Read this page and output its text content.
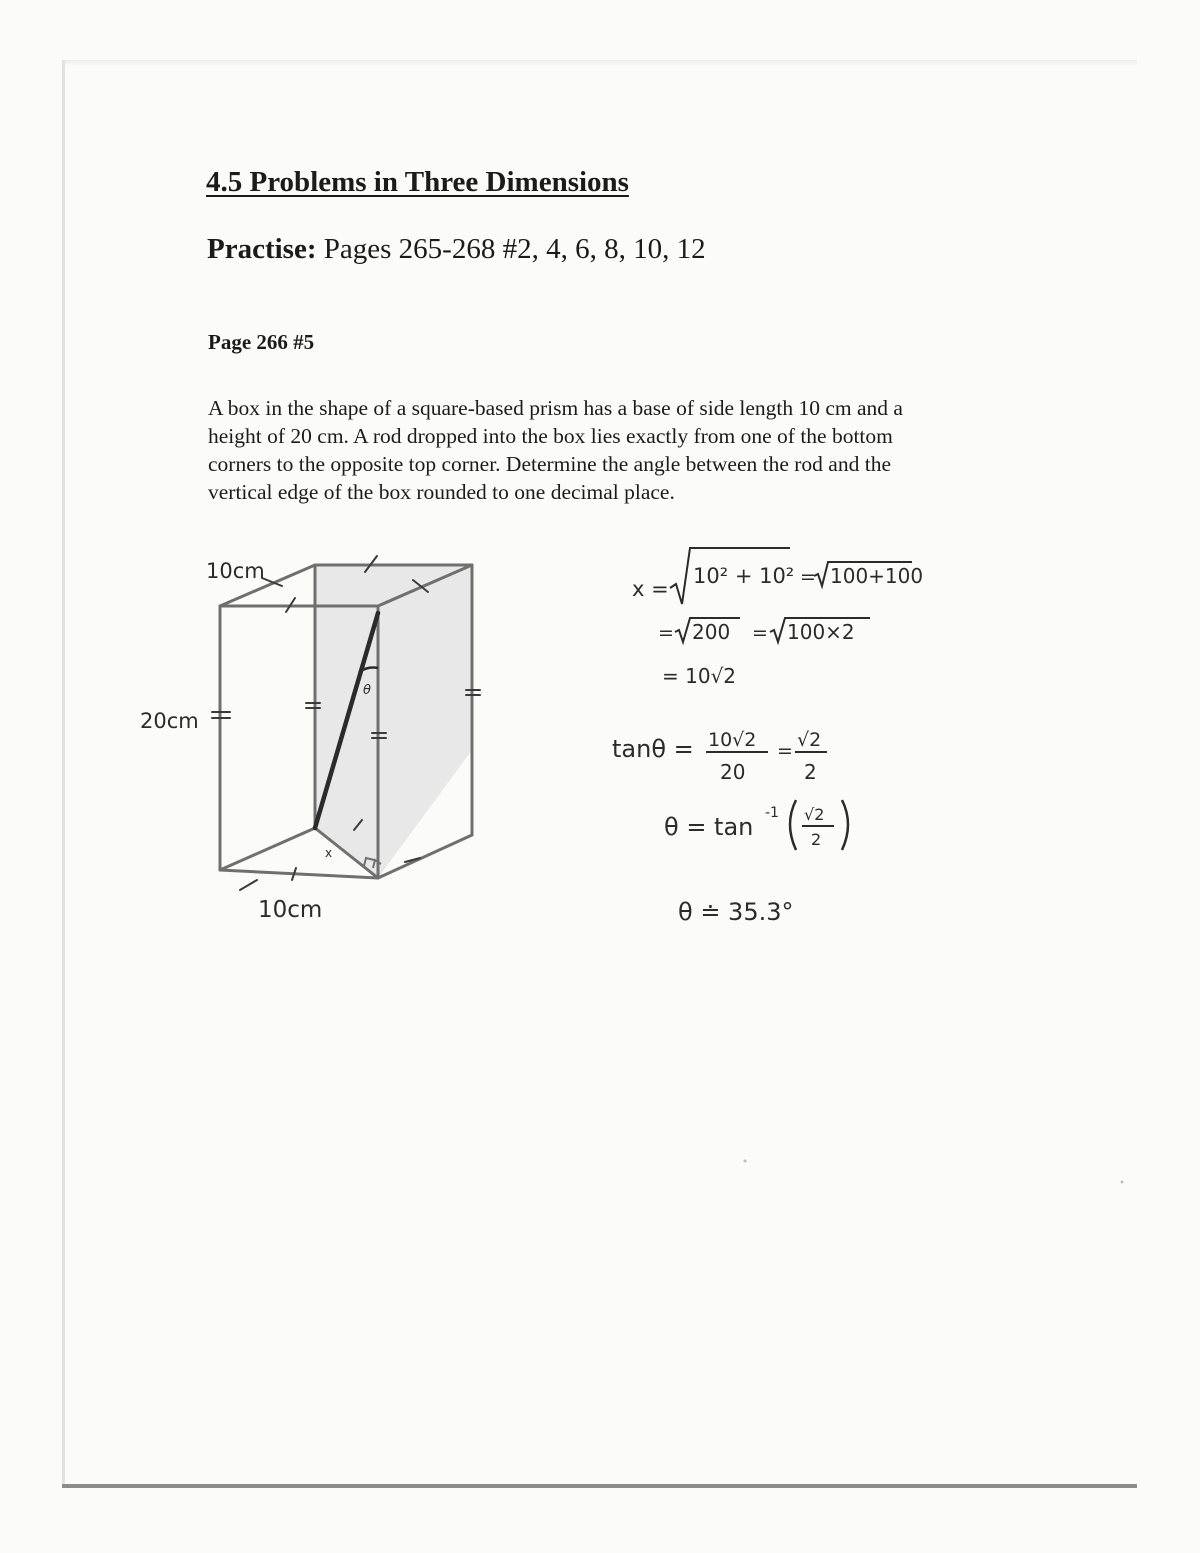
4.5 Problems in Three Dimensions

Practise: Pages 265-268 #2, 4, 6, 8, 10, 12

Page 266 #5

A box in the shape of a square-based prism has a base of side length 10 cm and a
height of 20 cm. A rod dropped into the box lies exactly from one of the bottom
corners to the opposite top corner. Determine the angle between the rod and the
vertical edge of the box rounded to one decimal place.
10cm
20cm
10cm
x
θ
x =
10² + 10² = 100+100
= 200 = 100×2
= 10√2
tanθ = 10√2
20
= √2
2
θ = tan -1 √2
2
θ ≐ 35.3°
